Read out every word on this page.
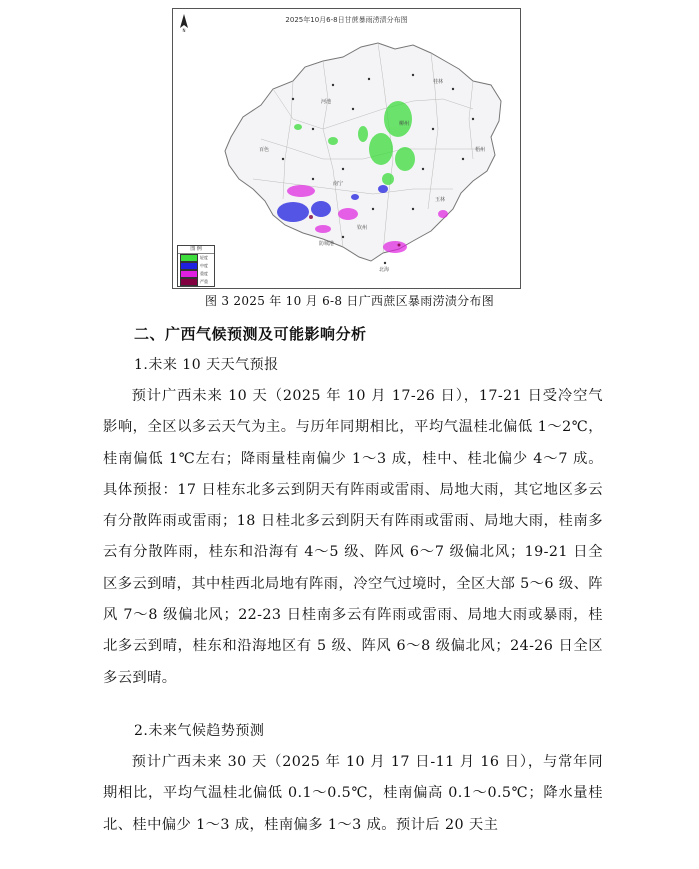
2025年10月6-8日甘蔗暴雨涝渍分布图
N
南宁
钦州
北海
防城港
玉林
柳州
桂林
梧州
百色
河池
图 例
轻度
中度
重度
严重
图 3 2025 年 10 月 6-8 日广西蔗区暴雨涝渍分布图
二、广西气候预测及可能影响分析
1.未来 10 天天气预报

预计广西未来 10 天（2025 年 10 月 17-26 日），17-21 日受冷空气影响，全区以多云天气为主。与历年同期相比，平均气温桂北偏低 1～2℃，桂南偏低 1℃左右；降雨量桂南偏少 1～3 成，桂中、桂北偏少 4～7 成。具体预报：17 日桂东北多云到阴天有阵雨或雷雨、局地大雨，其它地区多云有分散阵雨或雷雨；18 日桂北多云到阴天有阵雨或雷雨、局地大雨，桂南多云有分散阵雨，桂东和沿海有 4～5 级、阵风 6～7 级偏北风；19-21 日全区多云到晴，其中桂西北局地有阵雨，冷空气过境时，全区大部 5～6 级、阵风 7～8 级偏北风；22-23 日桂南多云有阵雨或雷雨、局地大雨或暴雨，桂北多云到晴，桂东和沿海地区有 5 级、阵风 6～8 级偏北风；24-26 日全区多云到晴。

2.未来气候趋势预测

预计广西未来 30 天（2025 年 10 月 17 日-11 月 16 日），与常年同期相比，平均气温桂北偏低 0.1～0.5℃，桂南偏高 0.1～0.5℃；降水量桂北、桂中偏少 1～3 成，桂南偏多 1～3 成。预计后 20 天主
